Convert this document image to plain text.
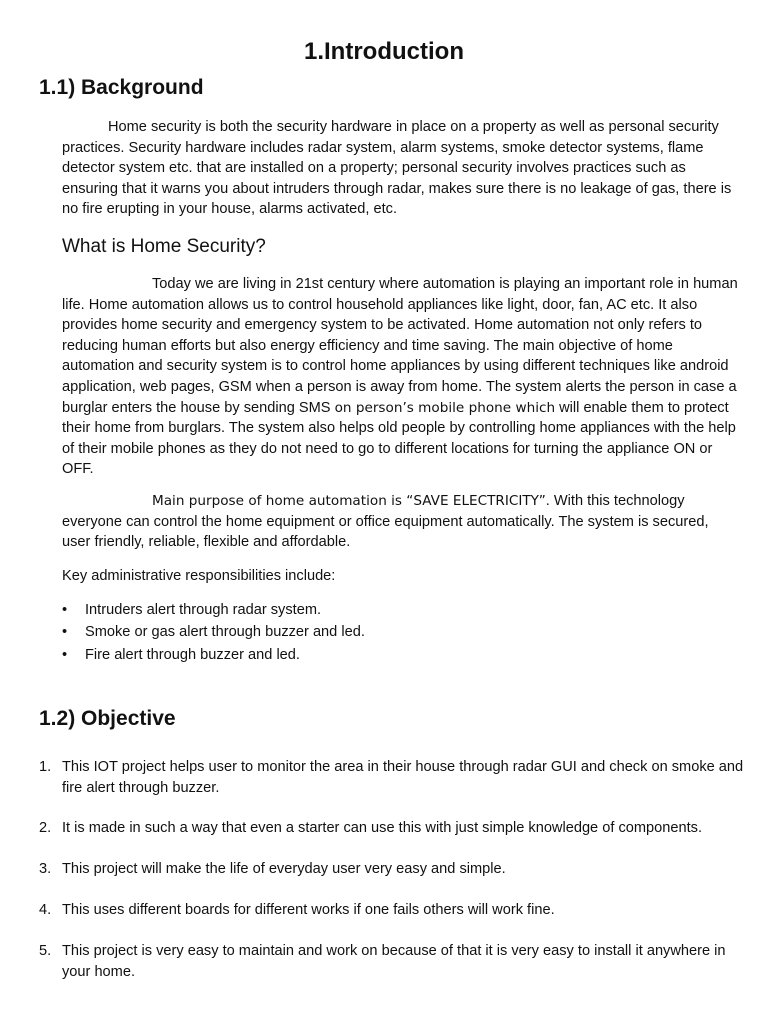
1.Introduction
1.1) Background

Home security is both the security hardware in place on a property as well as personal security practices. Security hardware includes radar system, alarm systems, smoke detector systems, flame detector system etc. that are installed on a property; personal security involves practices such as ensuring that it warns you about intruders through radar, makes sure there is no leakage of gas, there is no fire erupting in your house, alarms activated, etc.

What is Home Security?

Today we are living in 21st century where automation is playing an important role in human life. Home automation allows us to control household appliances like light, door, fan, AC etc. It also provides home security and emergency system to be activated. Home automation not only refers to reducing human efforts but also energy efficiency and time saving. The main objective of home automation and security system is to control home appliances by using different techniques like android application, web pages, GSM when a person is away from home. The system alerts the person in case a burglar enters the house by sending SMS on person’s mobile phone which will enable them to protect their home from burglars. The system also helps old people by controlling home appliances with the help of their mobile phones as they do not need to go to different locations for turning the appliance ON or OFF.

Main purpose of home automation is “SAVE ELECTRICITY”. With this technology everyone can control the home equipment or office equipment automatically. The system is secured, user friendly, reliable, flexible and affordable.

Key administrative responsibilities include:

• Intruders alert through radar system.
• Smoke or gas alert through buzzer and led.
• Fire alert through buzzer and led.
1.2) Objective
1. This IOT project helps user to monitor the area in their house through radar GUI and check on smoke and fire alert through buzzer.
2. It is made in such a way that even a starter can use this with just simple knowledge of components.
3. This project will make the life of everyday user very easy and simple.
4. This uses different boards for different works if one fails others will work fine.
5. This project is very easy to maintain and work on because of that it is very easy to install it anywhere in your home.
